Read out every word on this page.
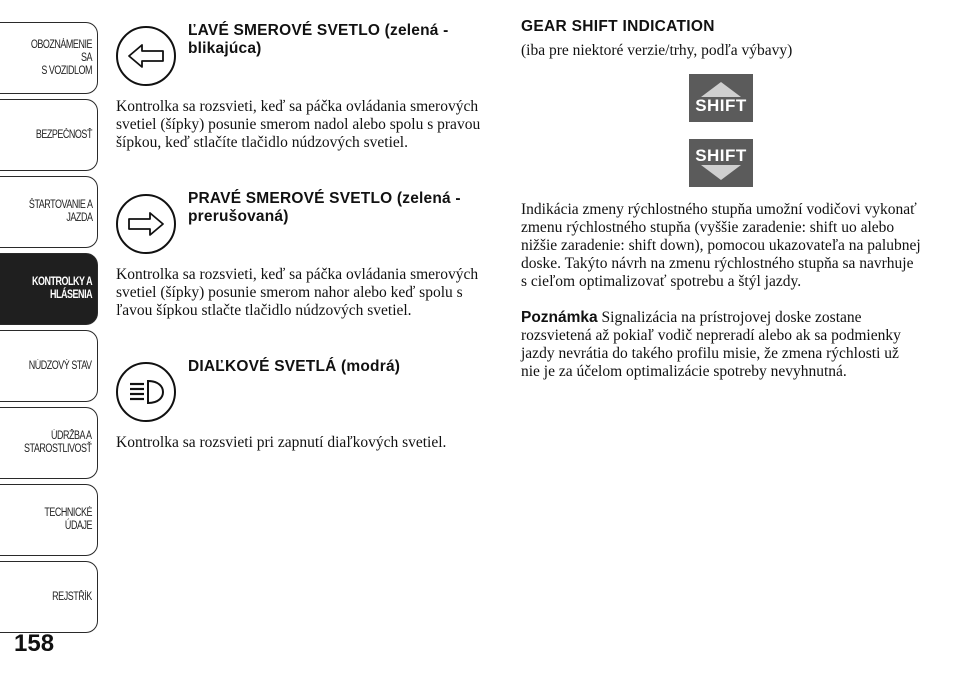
OBOZNÁMENIE SA
S VOZIDLOM
BEZPEČNOSŤ
ŠTARTOVANIE A
JAZDA
KONTROLKY A
HLÁSENIA
NÚDZOVÝ STAV
ÚDRŽBA A
STAROSTLIVOSŤ
TECHNICKÉ ÚDAJE
REJSTŘÍK
158
ĽAVÉ SMEROVÉ SVETLO (zelená - blikajúca)
Kontrolka sa rozsvieti, keď sa páčka ovládania smerových svetiel (šípky) posunie smerom nadol alebo spolu s pravou šípkou, keď stlačíte tlačidlo núdzových svetiel.
PRAVÉ SMEROVÉ SVETLO (zelená - prerušovaná)
Kontrolka sa rozsvieti, keď sa páčka ovládania smerových svetiel (šípky) posunie smerom nahor alebo keď spolu s ľavou šípkou stlačte tlačidlo núdzových svetiel.
DIAĽKOVÉ SVETLÁ (modrá)
Kontrolka sa rozsvieti pri zapnutí diaľkových svetiel.

GEAR SHIFT INDICATION

(iba pre niektoré verzie/trhy, podľa výbavy)

SHIFT
SHIFT

Indikácia zmeny rýchlostného stupňa umožní vodičovi vykonať zmenu rýchlostného stupňa (vyššie zaradenie: shift uo alebo nižšie zaradenie: shift down), pomocou ukazovateľa na palubnej doske. Takýto návrh na zmenu rýchlostného stupňa sa navrhuje s cieľom optimalizovať spotrebu a štýl jazdy.

Poznámka Signalizácia na prístrojovej doske zostane rozsvietená až pokiaľ vodič nepreradí alebo ak sa podmienky jazdy nevrátia do takého profilu misie, že zmena rýchlosti už nie je za účelom optimalizácie spotreby nevyhnutná.
